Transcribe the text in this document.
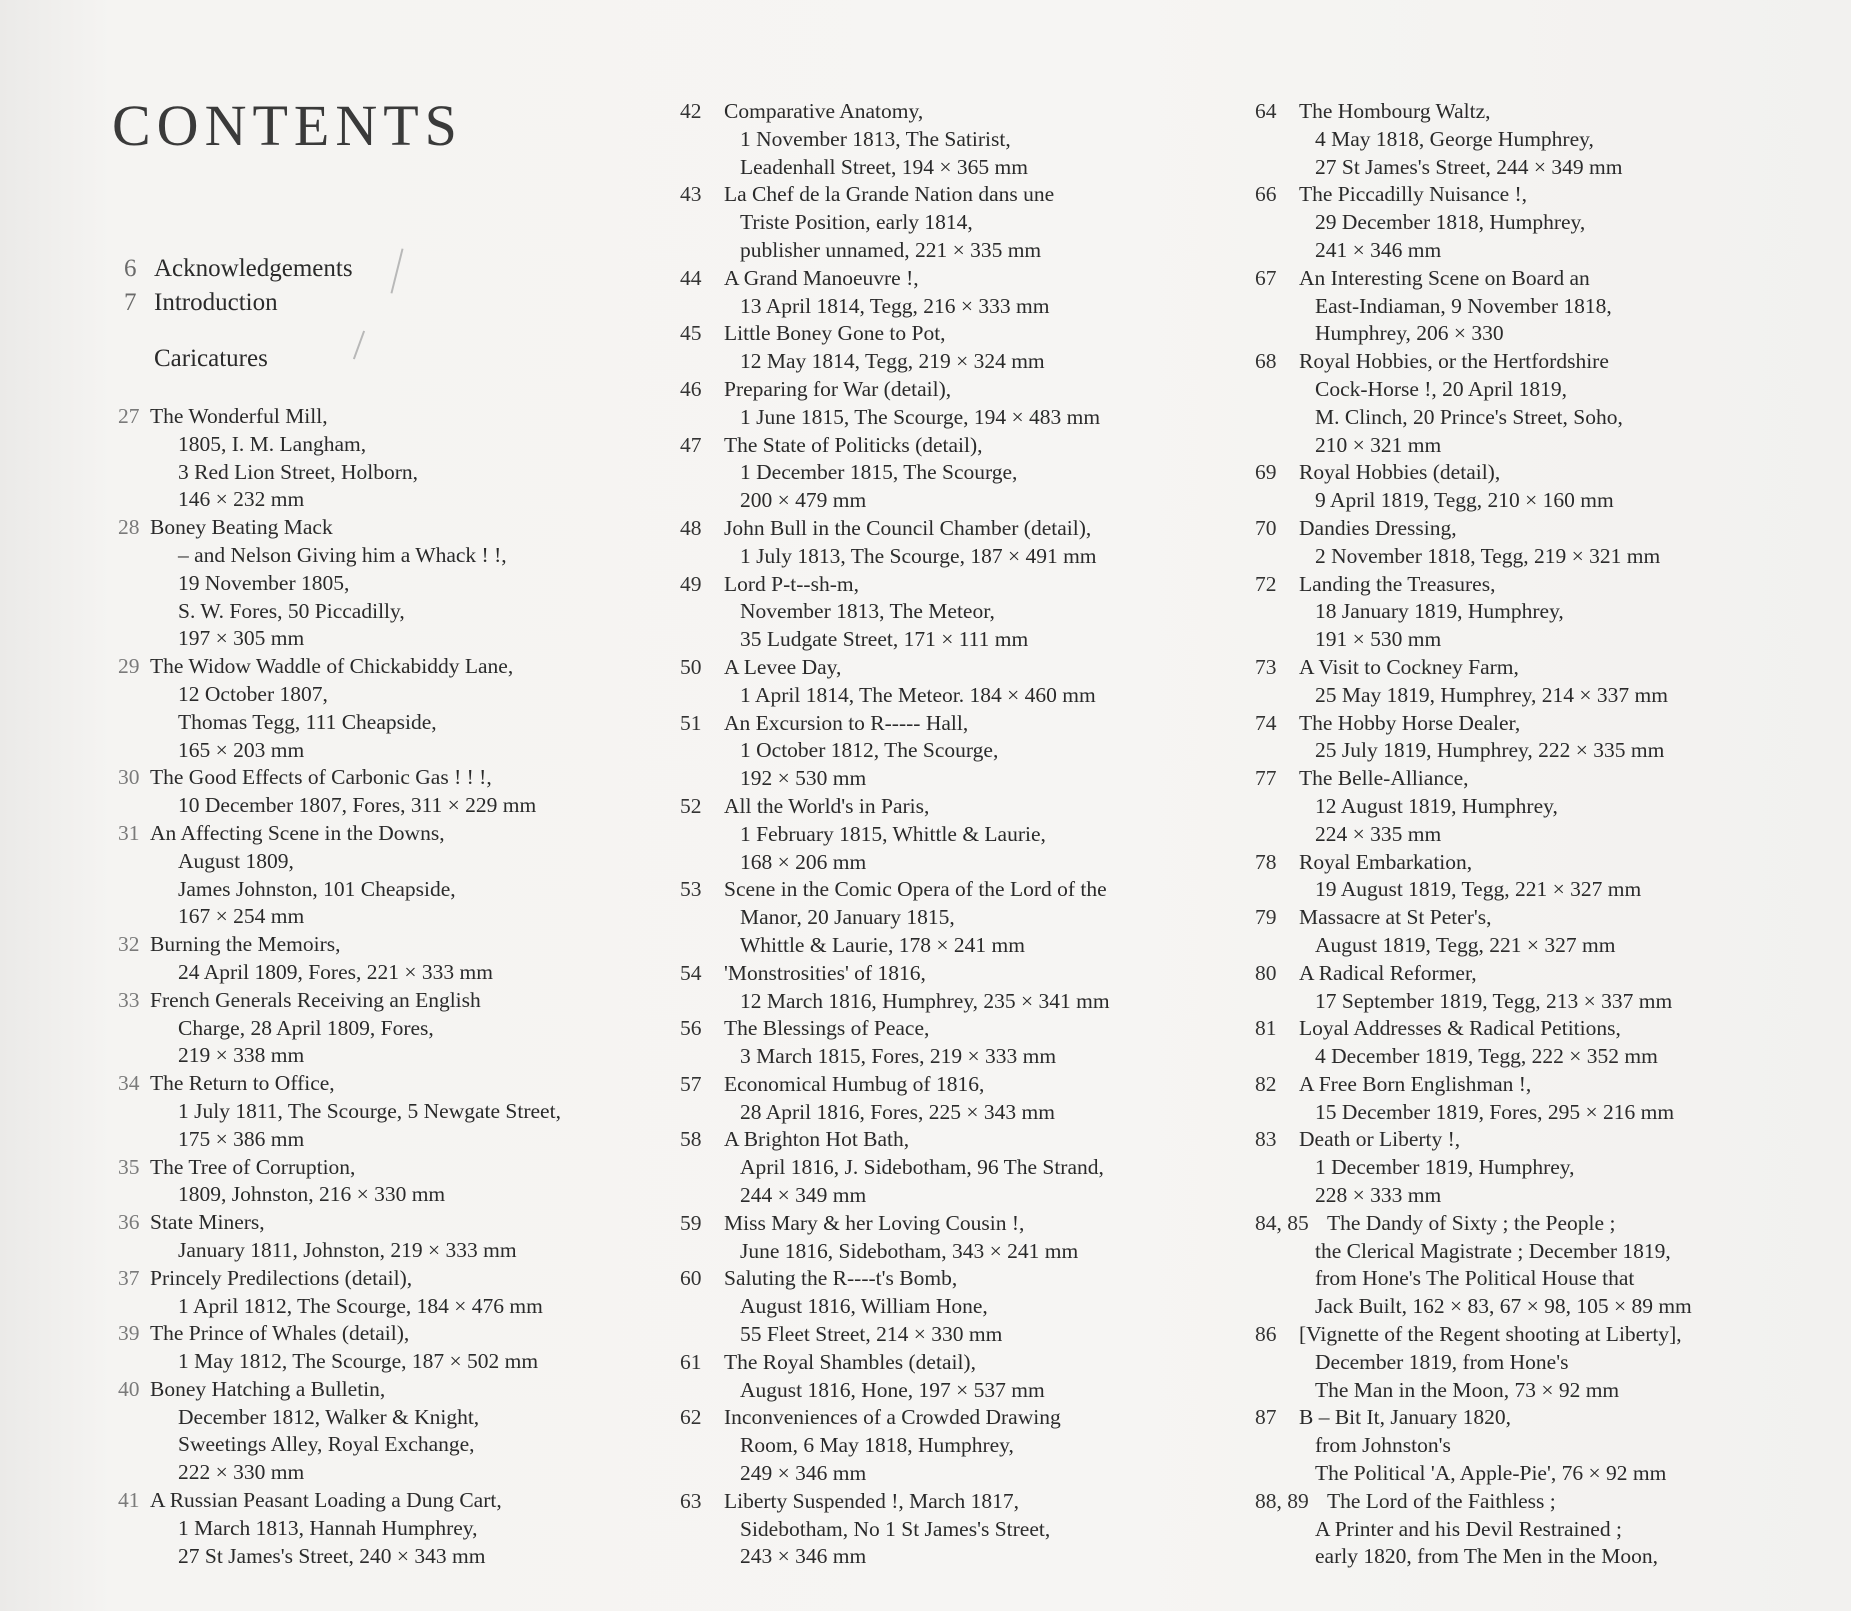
CONTENTS
6 Acknowledgements
7 Introduction
Caricatures
27 The Wonderful Mill,
1805, I. M. Langham,
3 Red Lion Street, Holborn,
146 × 232 mm
28 Boney Beating Mack
– and Nelson Giving him a Whack ! !,
19 November 1805,
S. W. Fores, 50 Piccadilly,
197 × 305 mm
29 The Widow Waddle of Chickabiddy Lane,
12 October 1807,
Thomas Tegg, 111 Cheapside,
165 × 203 mm
30 The Good Effects of Carbonic Gas ! ! !,
10 December 1807, Fores, 311 × 229 mm
31 An Affecting Scene in the Downs,
August 1809,
James Johnston, 101 Cheapside,
167 × 254 mm
32 Burning the Memoirs,
24 April 1809, Fores, 221 × 333 mm
33 French Generals Receiving an English
Charge, 28 April 1809, Fores,
219 × 338 mm
34 The Return to Office,
1 July 1811, The Scourge, 5 Newgate Street,
175 × 386 mm
35 The Tree of Corruption,
1809, Johnston, 216 × 330 mm
36 State Miners,
January 1811, Johnston, 219 × 333 mm
37 Princely Predilections (detail),
1 April 1812, The Scourge, 184 × 476 mm
39 The Prince of Whales (detail),
1 May 1812, The Scourge, 187 × 502 mm
40 Boney Hatching a Bulletin,
December 1812, Walker & Knight,
Sweetings Alley, Royal Exchange,
222 × 330 mm
41 A Russian Peasant Loading a Dung Cart,
1 March 1813, Hannah Humphrey,
27 St James's Street, 240 × 343 mm
42	Comparative Anatomy,
1 November 1813, The Satirist,
Leadenhall Street, 194 × 365 mm
43	La Chef de la Grande Nation dans une
Triste Position, early 1814,
publisher unnamed, 221 × 335 mm
44	A Grand Manoeuvre !,
13 April 1814, Tegg, 216 × 333 mm
45	Little Boney Gone to Pot,
12 May 1814, Tegg, 219 × 324 mm
46	Preparing for War (detail),
1 June 1815, The Scourge, 194 × 483 mm
47	The State of Politicks (detail),
1 December 1815, The Scourge,
200 × 479 mm
48	John Bull in the Council Chamber (detail),
1 July 1813, The Scourge, 187 × 491 mm
49	Lord P-t--sh-m,
November 1813, The Meteor,
35 Ludgate Street, 171 × 111 mm
50	A Levee Day,
1 April 1814, The Meteor. 184 × 460 mm
51	An Excursion to R----- Hall,
1 October 1812, The Scourge,
192 × 530 mm
52	All the World's in Paris,
1 February 1815, Whittle & Laurie,
168 × 206 mm
53	Scene in the Comic Opera of the Lord of the
Manor, 20 January 1815,
Whittle & Laurie, 178 × 241 mm
54	'Monstrosities' of 1816,
12 March 1816, Humphrey, 235 × 341 mm
56	The Blessings of Peace,
3 March 1815, Fores, 219 × 333 mm
57	Economical Humbug of 1816,
28 April 1816, Fores, 225 × 343 mm
58	A Brighton Hot Bath,
April 1816, J. Sidebotham, 96 The Strand,
244 × 349 mm
59	Miss Mary & her Loving Cousin !,
June 1816, Sidebotham, 343 × 241 mm
60	Saluting the R----t's Bomb,
August 1816, William Hone,
55 Fleet Street, 214 × 330 mm
61	The Royal Shambles (detail),
August 1816, Hone, 197 × 537 mm
62	Inconveniences of a Crowded Drawing
Room, 6 May 1818, Humphrey,
249 × 346 mm
63	Liberty Suspended !, March 1817,
Sidebotham, No 1 St James's Street,
243 × 346 mm
64	The Hombourg Waltz,
4 May 1818, George Humphrey,
27 St James's Street, 244 × 349 mm
66	The Piccadilly Nuisance !,
29 December 1818, Humphrey,
241 × 346 mm
67	An Interesting Scene on Board an
East-Indiaman, 9 November 1818,
Humphrey, 206 × 330
68	Royal Hobbies, or the Hertfordshire
Cock-Horse !, 20 April 1819,
M. Clinch, 20 Prince's Street, Soho,
210 × 321 mm
69	Royal Hobbies (detail),
9 April 1819, Tegg, 210 × 160 mm
70	Dandies Dressing,
2 November 1818, Tegg, 219 × 321 mm
72	Landing the Treasures,
18 January 1819, Humphrey,
191 × 530 mm
73	A Visit to Cockney Farm,
25 May 1819, Humphrey, 214 × 337 mm
74	The Hobby Horse Dealer,
25 July 1819, Humphrey, 222 × 335 mm
77	The Belle-Alliance,
12 August 1819, Humphrey,
224 × 335 mm
78	Royal Embarkation,
19 August 1819, Tegg, 221 × 327 mm
79	Massacre at St Peter's,
August 1819, Tegg, 221 × 327 mm
80	A Radical Reformer,
17 September 1819, Tegg, 213 × 337 mm
81	Loyal Addresses & Radical Petitions,
4 December 1819, Tegg, 222 × 352 mm
82	A Free Born Englishman !,
15 December 1819, Fores, 295 × 216 mm
83	Death or Liberty !,
1 December 1819, Humphrey,
228 × 333 mm
84, 85 The Dandy of Sixty ; the People ;
the Clerical Magistrate ; December 1819,
from Hone's The Political House that
Jack Built, 162 × 83, 67 × 98, 105 × 89 mm
86	[Vignette of the Regent shooting at Liberty],
December 1819, from Hone's
The Man in the Moon, 73 × 92 mm
87	B – Bit It, January 1820,
from Johnston's
The Political 'A, Apple-Pie', 76 × 92 mm
88, 89 The Lord of the Faithless ;
A Printer and his Devil Restrained ;
early 1820, from The Men in the Moon,
